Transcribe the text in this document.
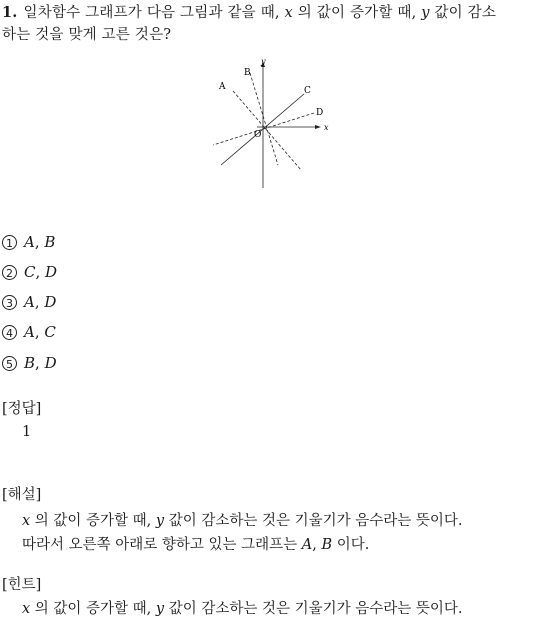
1. 일차함수 그래프가 다음 그림과 같을 때, x 의 값이 증가할 때, y 값이 감소
하는 것을 맞게 고른 것은?
A
B
C
D
O
x
y
1 A , B
2 C , D
3 A , D
4 A , C
5 B , D
[정답]
1
[해설]
x 의 값이 증가할 때, y 값이 감소하는 것은 기울기가 음수라는 뜻이다.
따라서 오른쪽 아래로 향하고 있는 그래프는 A, B 이다.
[힌트]
x 의 값이 증가할 때, y 값이 감소하는 것은 기울기가 음수라는 뜻이다.
